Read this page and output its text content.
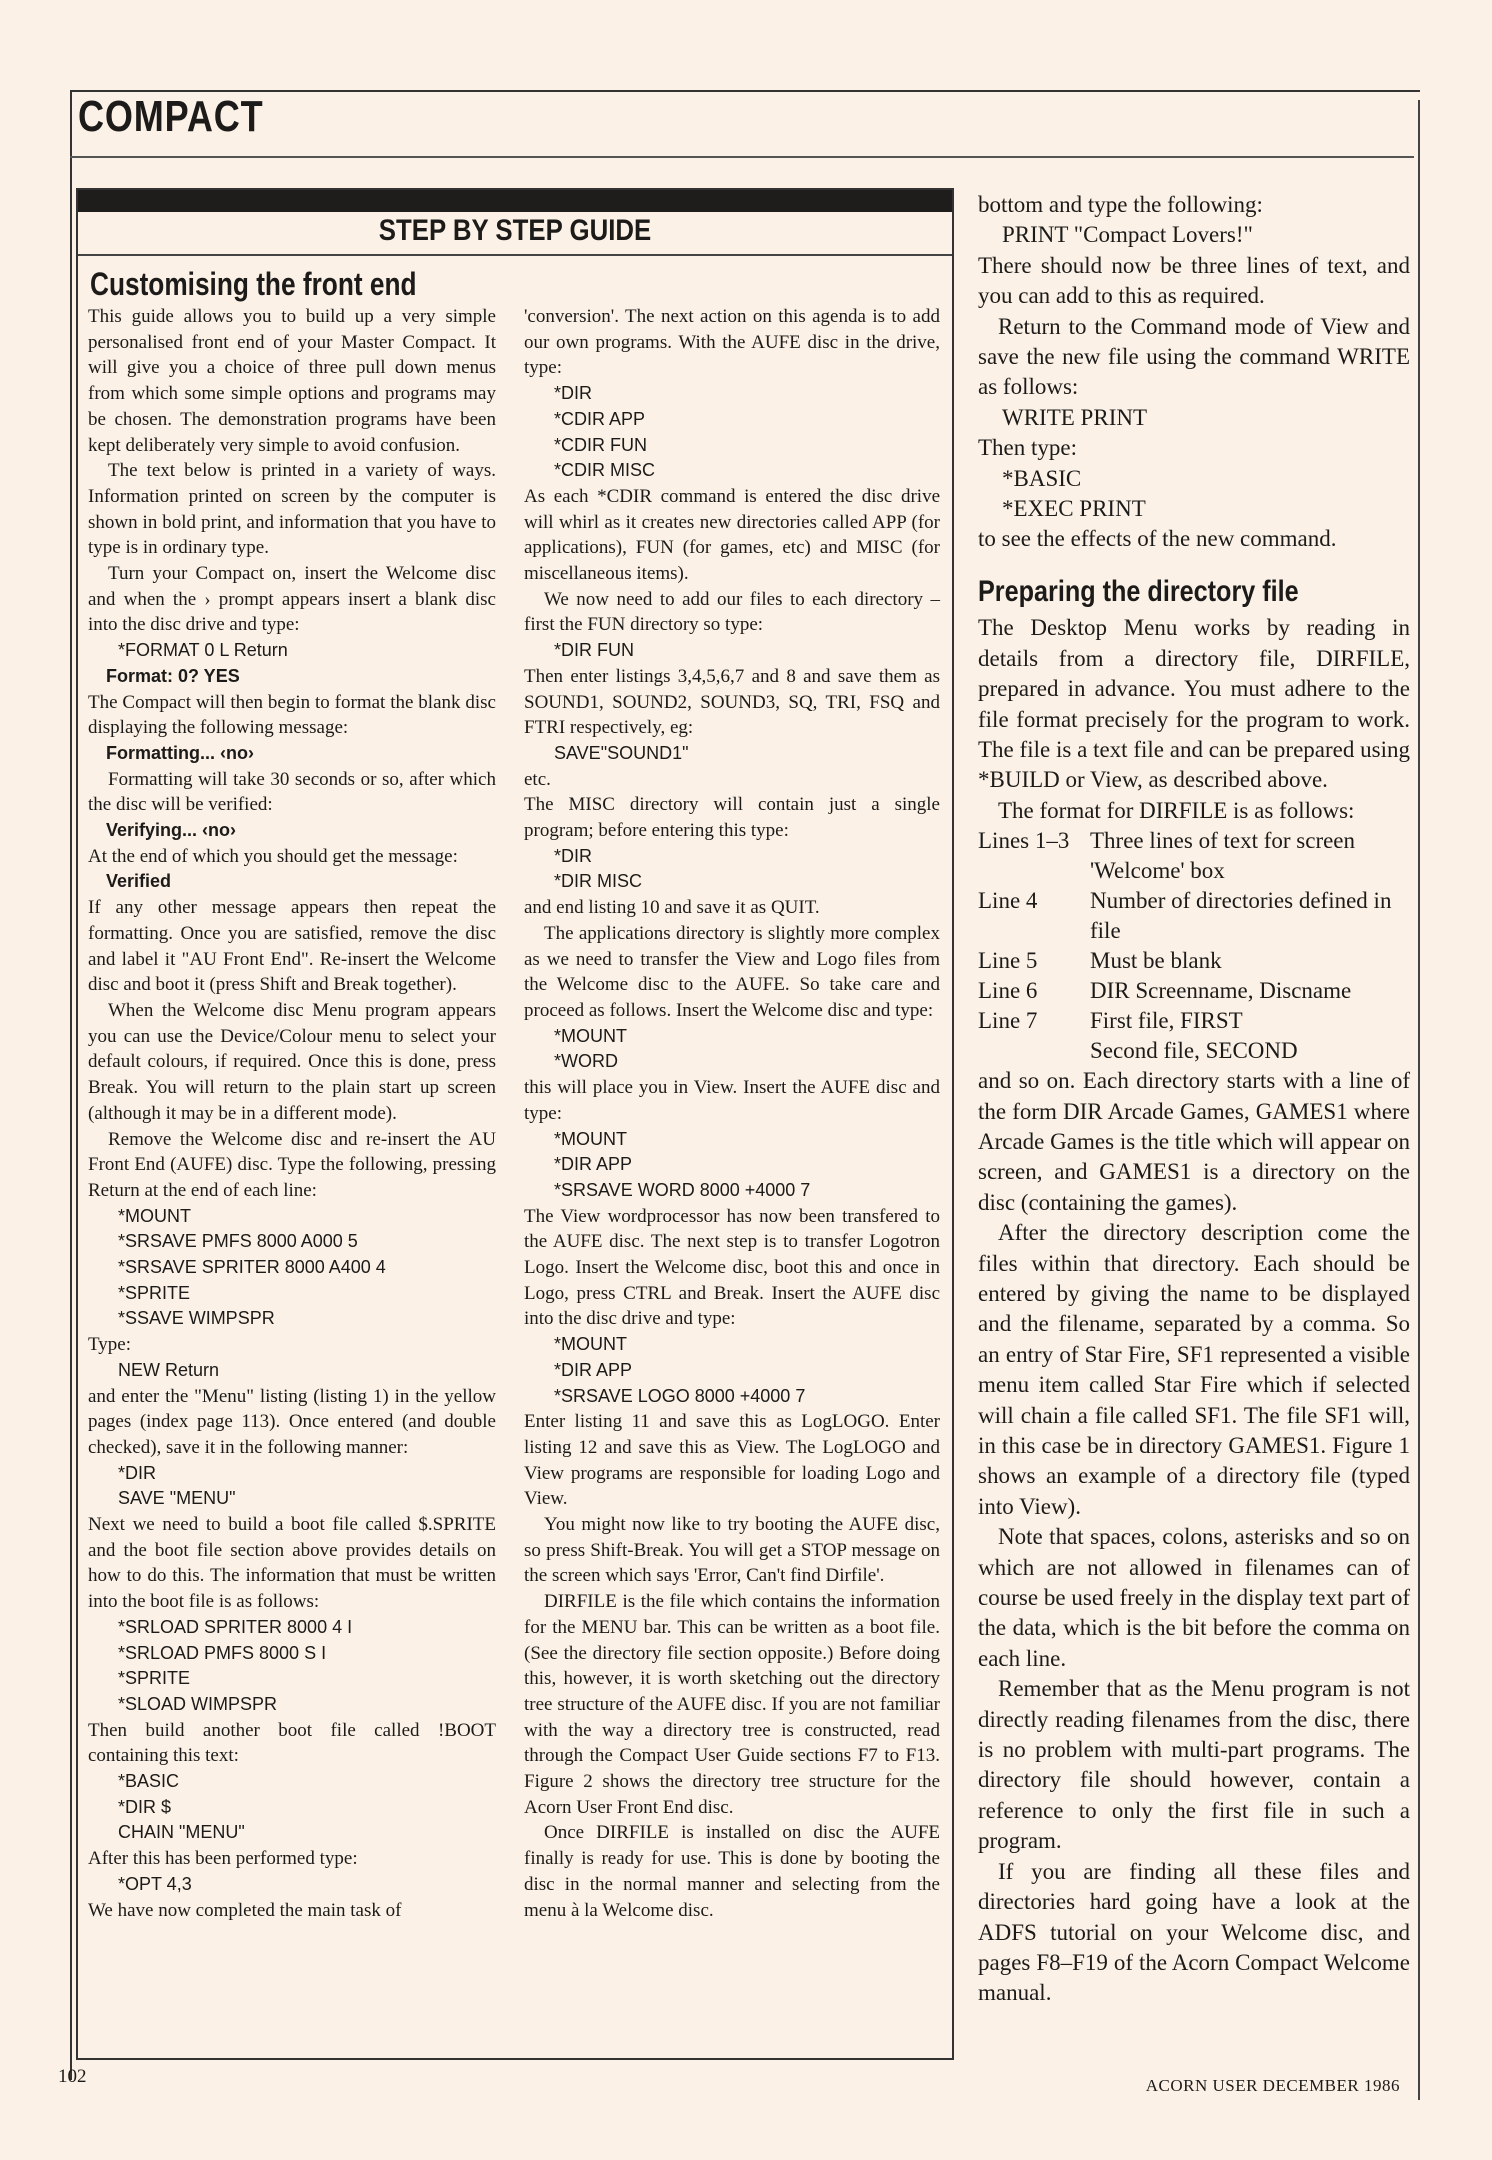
COMPACT
STEP BY STEP GUIDE
Customising the front end

This guide allows you to build up a very simple personalised front end of your Master Compact. It will give you a choice of three pull down menus from which some simple options and programs may be chosen. The demonstration programs have been kept deliberately very simple to avoid confusion.

The text below is printed in a variety of ways. Information printed on screen by the computer is shown in bold print, and information that you have to type is in ordinary type.

Turn your Compact on, insert the Welcome disc and when the › prompt appears insert a blank disc into the disc drive and type:

*FORMAT 0 L Return
Format: 0? YES

The Compact will then begin to format the blank disc displaying the following message:

Formatting... ‹no›

Formatting will take 30 seconds or so, after which the disc will be verified:

Verifying... ‹no›

At the end of which you should get the message:

Verified

If any other message appears then repeat the formatting. Once you are satisfied, remove the disc and label it "AU Front End". Re-insert the Welcome disc and boot it (press Shift and Break together).

When the Welcome disc Menu program appears you can use the Device/Colour menu to select your default colours, if required. Once this is done, press Break. You will return to the plain start up screen (although it may be in a different mode).

Remove the Welcome disc and re-insert the AU Front End (AUFE) disc. Type the following, pressing Return at the end of each line:

*MOUNT
*SRSAVE PMFS 8000 A000 5
*SRSAVE SPRITER 8000 A400 4
*SPRITE
*SSAVE WIMPSPR

Type:

NEW Return

and enter the "Menu" listing (listing 1) in the yellow pages (index page 113). Once entered (and double checked), save it in the following manner:

*DIR
SAVE "MENU"

Next we need to build a boot file called $.SPRITE and the boot file section above provides details on how to do this. The information that must be written into the boot file is as follows:

*SRLOAD SPRITER 8000 4 I
*SRLOAD PMFS 8000 S I
*SPRITE
*SLOAD WIMPSPR

Then build another boot file called !BOOT containing this text:

*BASIC
*DIR $
CHAIN "MENU"

After this has been performed type:

*OPT 4,3

We have now completed the main task of

'conversion'. The next action on this agenda is to add our own programs. With the AUFE disc in the drive, type:

*DIR
*CDIR APP
*CDIR FUN
*CDIR MISC

As each *CDIR command is entered the disc drive will whirl as it creates new directories called APP (for applications), FUN (for games, etc) and MISC (for miscellaneous items).

We now need to add our files to each directory – first the FUN directory so type:

*DIR FUN

Then enter listings 3,4,5,6,7 and 8 and save them as SOUND1, SOUND2, SOUND3, SQ, TRI, FSQ and FTRI respectively, eg:

SAVE"SOUND1"

etc.

The MISC directory will contain just a single program; before entering this type:

*DIR
*DIR MISC

and end listing 10 and save it as QUIT.

The applications directory is slightly more complex as we need to transfer the View and Logo files from the Welcome disc to the AUFE. So take care and proceed as follows. Insert the Welcome disc and type:

*MOUNT
*WORD

this will place you in View. Insert the AUFE disc and type:

*MOUNT
*DIR APP
*SRSAVE WORD 8000 +4000 7

The View wordprocessor has now been transfered to the AUFE disc. The next step is to transfer Logotron Logo. Insert the Welcome disc, boot this and once in Logo, press CTRL and Break. Insert the AUFE disc into the disc drive and type:

*MOUNT
*DIR APP
*SRSAVE LOGO 8000 +4000 7

Enter listing 11 and save this as LogLOGO. Enter listing 12 and save this as View. The LogLOGO and View programs are responsible for loading Logo and View.

You might now like to try booting the AUFE disc, so press Shift-Break. You will get a STOP message on the screen which says 'Error, Can't find Dirfile'.

DIRFILE is the file which contains the information for the MENU bar. This can be written as a boot file. (See the directory file section opposite.) Before doing this, however, it is worth sketching out the directory tree structure of the AUFE disc. If you are not familiar with the way a directory tree is constructed, read through the Compact User Guide sections F7 to F13. Figure 2 shows the directory tree structure for the Acorn User Front End disc.

Once DIRFILE is installed on disc the AUFE finally is ready for use. This is done by booting the disc in the normal manner and selecting from the menu à la Welcome disc.

bottom and type the following:

PRINT "Compact Lovers!"

There should now be three lines of text, and you can add to this as required.

Return to the Command mode of View and save the new file using the command WRITE as follows:

WRITE PRINT

Then type:

*BASIC
*EXEC PRINT

to see the effects of the new command.

Preparing the directory file

The Desktop Menu works by reading in details from a directory file, DIRFILE, prepared in advance. You must adhere to the file format precisely for the program to work. The file is a text file and can be prepared using *BUILD or View, as described above.

The format for DIRFILE is as follows:

Lines 1–3	Three lines of text for screen 'Welcome' box
Line 4	Number of directories defined in file
Line 5	Must be blank
Line 6	DIR Screenname, Discname
Line 7	First file, FIRST
	Second file, SECOND

and so on. Each directory starts with a line of the form DIR Arcade Games, GAMES1 where Arcade Games is the title which will appear on screen, and GAMES1 is a directory on the disc (containing the games).

After the directory description come the files within that directory. Each should be entered by giving the name to be displayed and the filename, separated by a comma. So an entry of Star Fire, SF1 represented a visible menu item called Star Fire which if selected will chain a file called SF1. The file SF1 will, in this case be in directory GAMES1. Figure 1 shows an example of a directory file (typed into View).

Note that spaces, colons, asterisks and so on which are not allowed in filenames can of course be used freely in the display text part of the data, which is the bit before the comma on each line.

Remember that as the Menu program is not directly reading filenames from the disc, there is no problem with multi-part programs. The directory file should however, contain a reference to only the first file in such a program.

If you are finding all these files and directories hard going have a look at the ADFS tutorial on your Welcome disc, and pages F8–F19 of the Acorn Compact Welcome manual.

102	ACORN USER DECEMBER 1986
